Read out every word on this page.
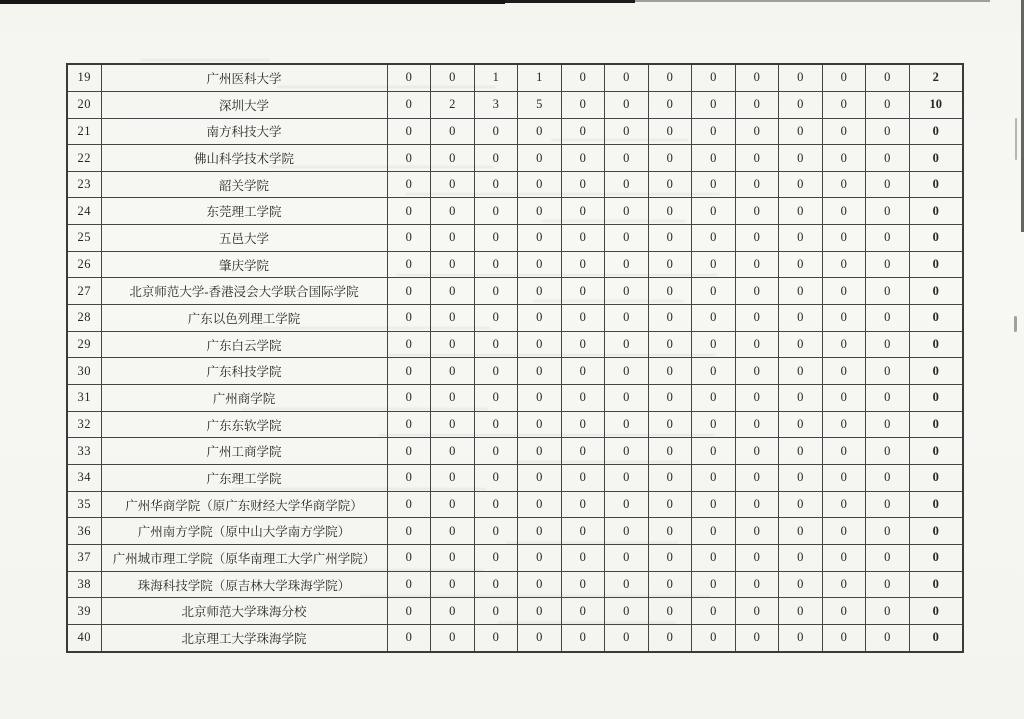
19	广州医科大学	0	0	1	1	0	0	0	0	0	0	0	0	2
20	深圳大学	0	2	3	5	0	0	0	0	0	0	0	0	10
21	南方科技大学	0	0	0	0	0	0	0	0	0	0	0	0	0
22	佛山科学技术学院	0	0	0	0	0	0	0	0	0	0	0	0	0
23	韶关学院	0	0	0	0	0	0	0	0	0	0	0	0	0
24	东莞理工学院	0	0	0	0	0	0	0	0	0	0	0	0	0
25	五邑大学	0	0	0	0	0	0	0	0	0	0	0	0	0
26	肇庆学院	0	0	0	0	0	0	0	0	0	0	0	0	0
27	北京师范大学-香港浸会大学联合国际学院	0	0	0	0	0	0	0	0	0	0	0	0	0
28	广东以色列理工学院	0	0	0	0	0	0	0	0	0	0	0	0	0
29	广东白云学院	0	0	0	0	0	0	0	0	0	0	0	0	0
30	广东科技学院	0	0	0	0	0	0	0	0	0	0	0	0	0
31	广州商学院	0	0	0	0	0	0	0	0	0	0	0	0	0
32	广东东软学院	0	0	0	0	0	0	0	0	0	0	0	0	0
33	广州工商学院	0	0	0	0	0	0	0	0	0	0	0	0	0
34	广东理工学院	0	0	0	0	0	0	0	0	0	0	0	0	0
35	广州华商学院（原广东财经大学华商学院）	0	0	0	0	0	0	0	0	0	0	0	0	0
36	广州南方学院（原中山大学南方学院）	0	0	0	0	0	0	0	0	0	0	0	0	0
37	广州城市理工学院（原华南理工大学广州学院）	0	0	0	0	0	0	0	0	0	0	0	0	0
38	珠海科技学院（原吉林大学珠海学院）	0	0	0	0	0	0	0	0	0	0	0	0	0
39	北京师范大学珠海分校	0	0	0	0	0	0	0	0	0	0	0	0	0
40	北京理工大学珠海学院	0	0	0	0	0	0	0	0	0	0	0	0	0
